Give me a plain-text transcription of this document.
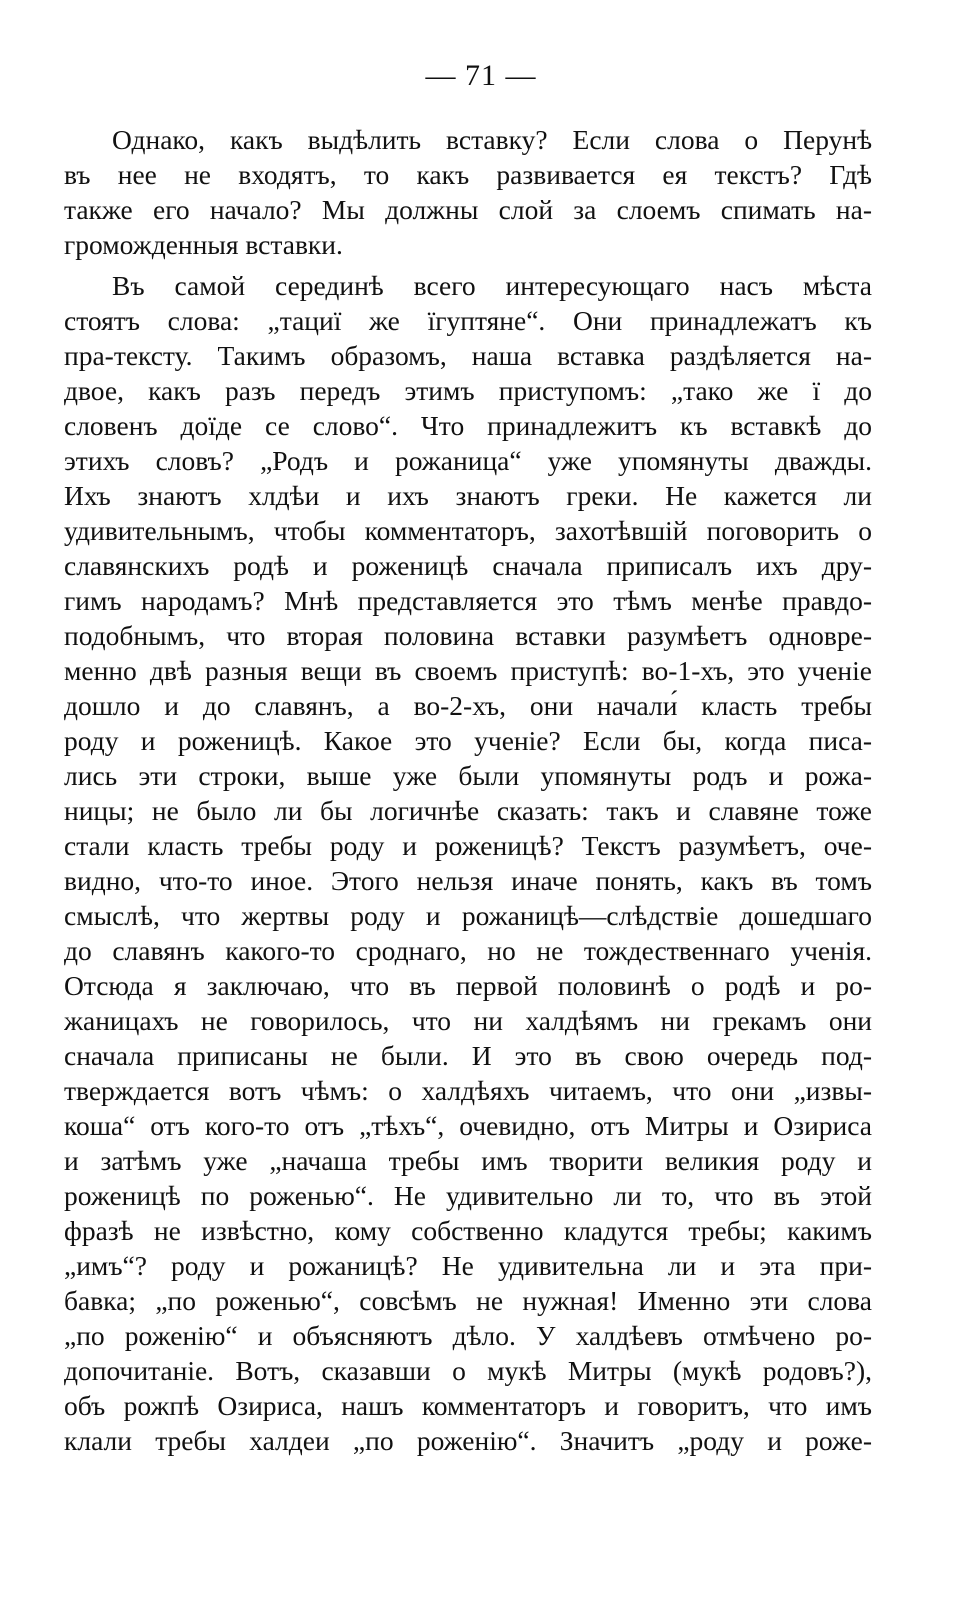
— 71 —
Однако, какъ выдѣлить вставку? Если слова о Перунѣ
въ нее не входятъ, то какъ развивается ея текстъ? Гдѣ
также его начало? Мы должны слой за слоемъ спимать на-
громожденныя вставки.
Въ самой серединѣ всего интересующаго насъ мѣста
стоятъ слова: „тациї же їгуптяне“. Они принадлежатъ къ
пра-тексту. Такимъ образомъ, наша вставка раздѣляется на-
двое, какъ разъ передъ этимъ приступомъ: „тако же ї до
словенъ доїде се слово“. Что принадлежитъ къ вставкѣ до
этихъ словъ? „Родъ и рожаница“ уже упомянуты дважды.
Ихъ знаютъ хлдѣи и ихъ знаютъ греки. Не кажется ли
удивительнымъ, чтобы комментаторъ, захотѣвшій поговорить о
славянскихъ родѣ и роженицѣ сначала приписалъ ихъ дру-
гимъ народамъ? Мнѣ представляется это тѣмъ менѣе правдо-
подобнымъ, что вторая половина вставки разумѣетъ одновре-
менно двѣ разныя вещи въ своемъ приступѣ: во-1-хъ, это ученіе
дошло и до славянъ, а во-2-хъ, они начали́ класть требы
роду и роженицѣ. Какое это ученіе? Если бы, когда писа-
лись эти строки, выше уже были упомянуты родъ и рожа-
ницы; не было ли бы логичнѣе сказать: такъ и славяне тоже
стали класть требы роду и роженицѣ? Текстъ разумѣетъ, оче-
видно, что-то иное. Этого нельзя иначе понять, какъ въ томъ
смыслѣ, что жертвы роду и рожаницѣ—слѣдствіе дошедшаго
до славянъ какого-то сроднаго, но не тождественнаго ученія.
Отсюда я заключаю, что въ первой половинѣ о родѣ и ро-
жаницахъ не говорилось, что ни халдѣямъ ни грекамъ они
сначала приписаны не были. И это въ свою очередь под-
тверждается вотъ чѣмъ: о халдѣяхъ читаемъ, что они „извы-
коша“ отъ кого-то отъ „тѣхъ“, очевидно, отъ Митры и Озириса
и затѣмъ уже „начаша требы имъ творити великия роду и
роженицѣ по роженью“. Не удивительно ли то, что въ этой
фразѣ не извѣстно, кому собственно кладутся требы; какимъ
„имъ“? роду и рожаницѣ? Не удивительна ли и эта при-
бавка; „по роженью“, совсѣмъ не нужная! Именно эти слова
„по роженію“ и объясняютъ дѣло. У халдѣевъ отмѣчено ро-
допочитаніе. Вотъ, сказавши о мукѣ Митры (мукѣ родовъ?),
объ рожпѣ Озириса, нашъ комментаторъ и говоритъ, что имъ
клали требы халдеи „по роженію“. Значитъ „роду и роже-
